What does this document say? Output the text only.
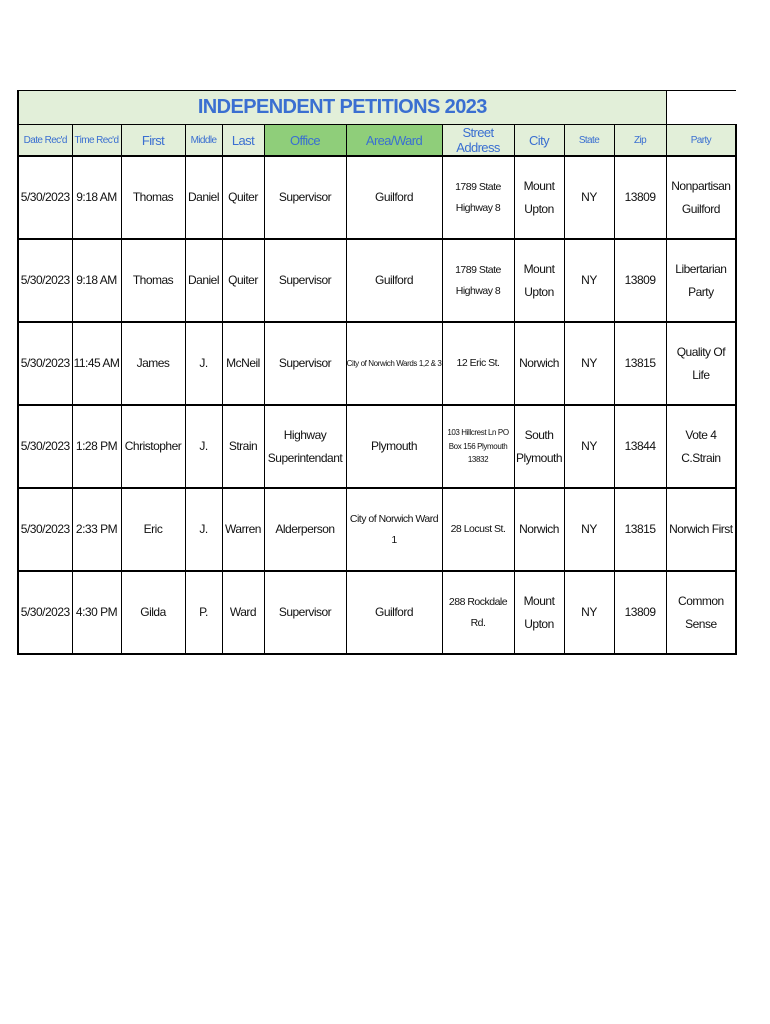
INDEPENDENT PETITIONS 2023											
Date Rec'd	Time Rec'd	First	Middle	Last	Office	Area/Ward	Street Address	City	State	Zip	Party
5/30/2023	9:18 AM	Thomas	Daniel	Quiter	Supervisor	Guilford	1789 State Highway 8	Mount Upton	NY	13809	Nonpartisan Guilford
5/30/2023	9:18 AM	Thomas	Daniel	Quiter	Supervisor	Guilford	1789 State Highway 8	Mount Upton	NY	13809	Libertarian Party
5/30/2023	11:45 AM	James	J.	McNeil	Supervisor	City of Norwich Wards 1,2 & 3	12 Eric St.	Norwich	NY	13815	Quality Of Life
5/30/2023	1:28 PM	Christopher	J.	Strain	Highway Superintendant	Plymouth	103 Hillcrest Ln PO Box 156 Plymouth 13832	South Plymouth	NY	13844	Vote 4 C.Strain
5/30/2023	2:33 PM	Eric	J.	Warren	Alderperson	City of Norwich Ward 1	28 Locust St.	Norwich	NY	13815	Norwich First
5/30/2023	4:30 PM	Gilda	P.	Ward	Supervisor	Guilford	288 Rockdale Rd.	Mount Upton	NY	13809	Common Sense
